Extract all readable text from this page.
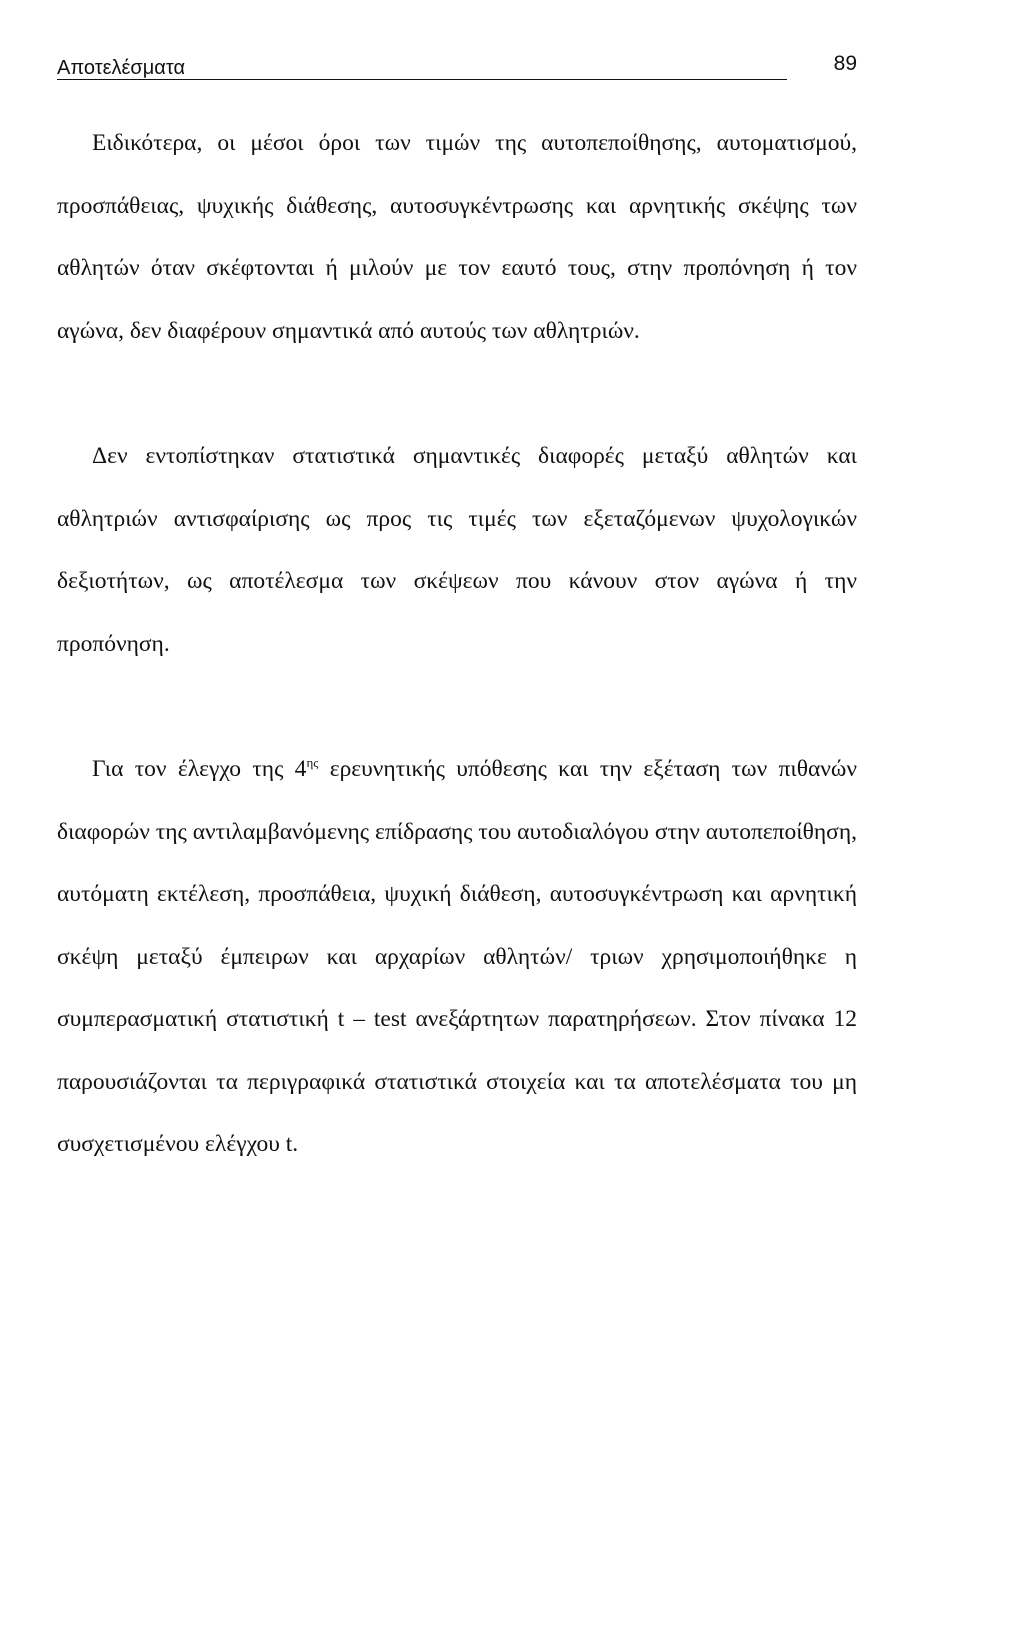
Αποτελέσματα	89

Ειδικότερα, οι μέσοι όροι των τιμών της αυτοπεποίθησης, αυτοματισμού, προσπάθειας, ψυχικής διάθεσης, αυτοσυγκέντρωσης και αρνητικής σκέψης των αθλητών όταν σκέφτονται ή μιλούν με τον εαυτό τους, στην προπόνηση ή τον αγώνα, δεν διαφέρουν σημαντικά από αυτούς των αθλητριών.

Δεν εντοπίστηκαν στατιστικά σημαντικές διαφορές μεταξύ αθλητών και αθλητριών αντισφαίρισης ως προς τις τιμές των εξεταζόμενων ψυχολογικών δεξιοτήτων, ως αποτέλεσμα των σκέψεων που κάνουν στον αγώνα ή την προπόνηση.

Για τον έλεγχο της $4^{\eta\varsigma}$ ερευνητικής υπόθεσης και την εξέταση των πιθανών διαφορών της αντιλαμβανόμενης επίδρασης του αυτοδιαλόγου στην αυτοπεποίθηση, αυτόματη εκτέλεση, προσπάθεια, ψυχική διάθεση, αυτοσυγκέντρωση και αρνητική σκέψη μεταξύ έμπειρων και αρχαρίων αθλητών/ τριων χρησιμοποιήθηκε η συμπερασματική στατιστική t – test ανεξάρτητων παρατηρήσεων. Στον πίνακα 12 παρουσιάζονται τα περιγραφικά στατιστικά στοιχεία και τα αποτελέσματα του μη συσχετισμένου ελέγχου t.
